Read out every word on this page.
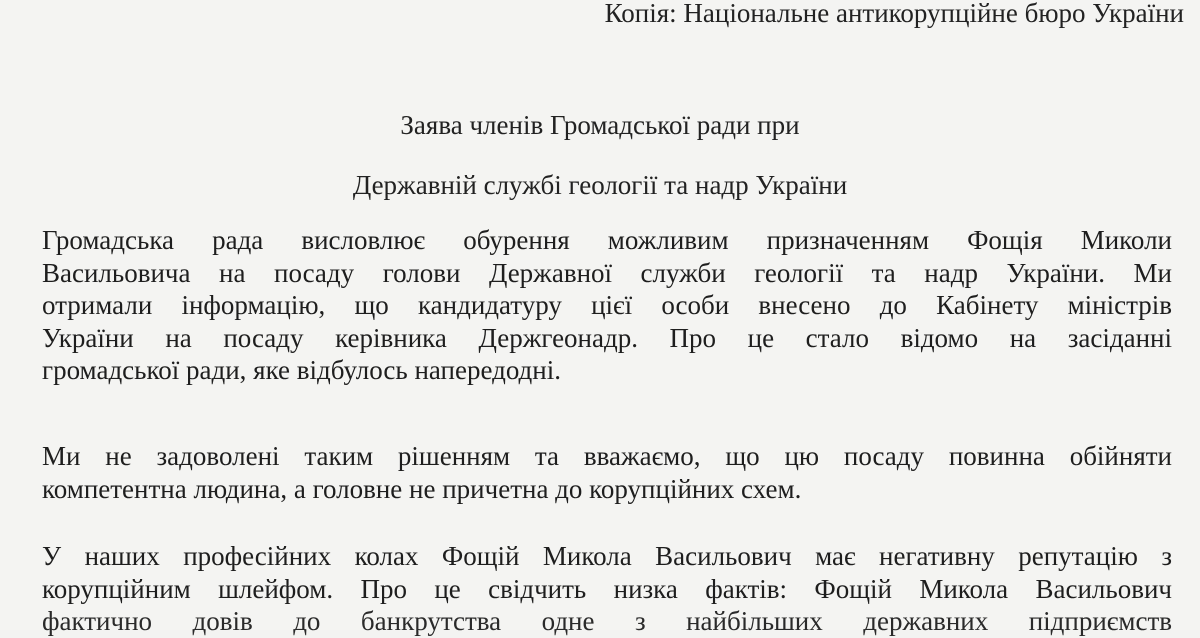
Копія: Національне антикорупційне бюро України
Заява членів Громадської ради при
Державній службі геології та надр України
Громадська рада висловлює обурення можливим призначенням Фощія Миколи
Васильовича на посаду голови Державної служби геології та надр України. Ми
отримали інформацію, що кандидатуру цієї особи внесено до Кабінету міністрів
України на посаду керівника Держгеонадр. Про це стало відомо на засіданні
громадської ради, яке відбулось напередодні.
Ми не задоволені таким рішенням та вважаємо, що цю посаду повинна обійняти
компетентна людина, а головне не причетна до корупційних схем.
У наших професійних колах Фощій Микола Васильович має негативну репутацію з
корупційним шлейфом. Про це свідчить низка фактів: Фощій Микола Васильович
фактично довів до банкрутства одне з найбільших державних підприємств
